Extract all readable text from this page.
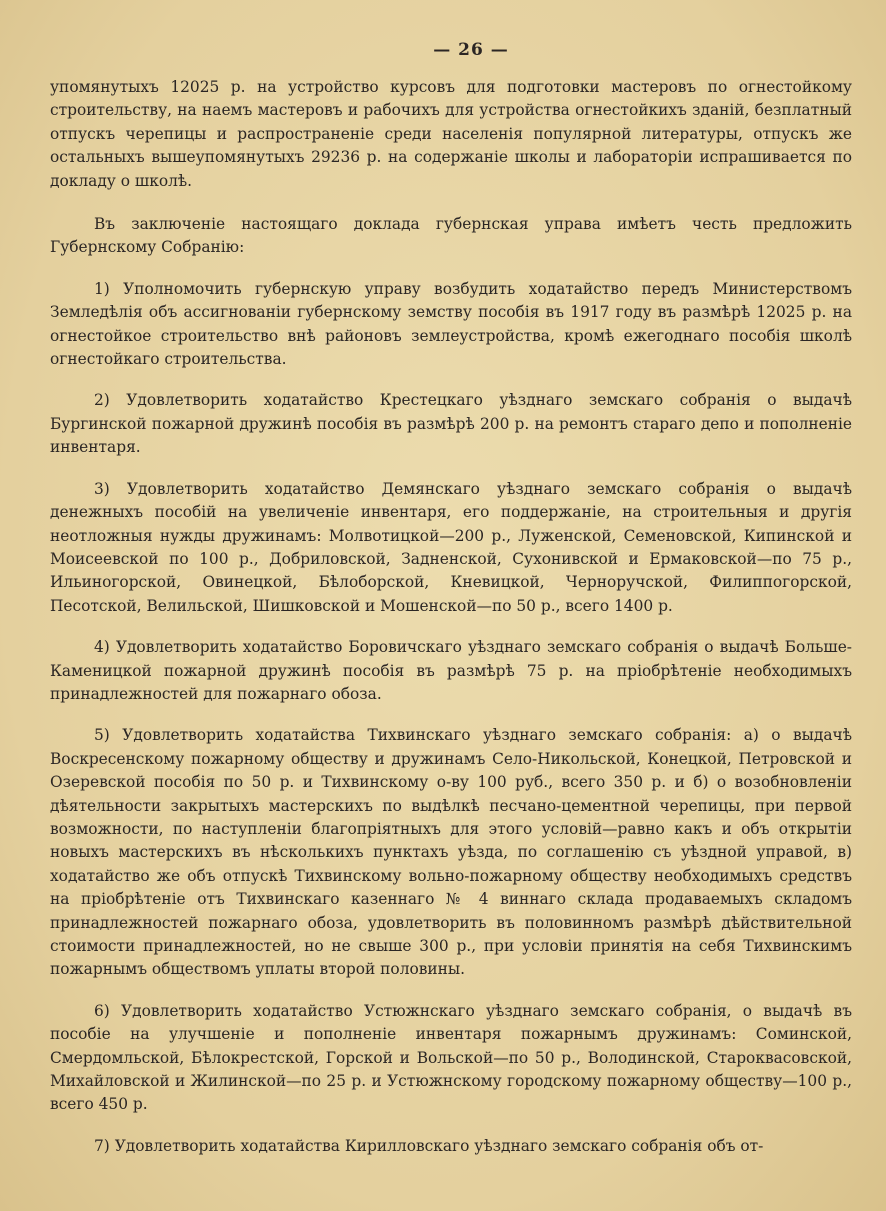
— 26 —

упомянутыхъ 12025 р. на устройство курсовъ для подготовки мастеровъ по огнестойкому строительству, на наемъ мастеровъ и рабочихъ для устройства огнестойкихъ зданій, безплатный отпускъ черепицы и распространеніе среди населенія популярной литературы, отпускъ же остальныхъ вышеупомянутыхъ 29236 р. на содержаніе школы и лабораторіи испрашивается по докладу о школѣ.

Въ заключеніе настоящаго доклада губернская управа имѣетъ честь предложить Губернскому Собранію:

1) Уполномочить губернскую управу возбудить ходатайство передъ Министерствомъ Земледѣлія объ ассигнованіи губернскому земству пособія въ 1917 году въ размѣрѣ 12025 р. на огнестойкое строительство внѣ районовъ землеустройства, кромѣ ежегоднаго пособія школѣ огнестойкаго строительства.

2) Удовлетворить ходатайство Крестецкаго уѣзднаго земскаго собранія о выдачѣ Бургинской пожарной дружинѣ пособія въ размѣрѣ 200 р. на ремонтъ стараго депо и пополненіе инвентаря.

3) Удовлетворить ходатайство Демянскаго уѣзднаго земскаго собранія о выдачѣ денежныхъ пособій на увеличеніе инвентаря, его поддержаніе, на строительныя и другія неотложныя нужды дружинамъ: Молвотицкой—200 р., Луженской, Семеновской, Кипинской и Моисеевской по 100 р., Добриловской, Задненской, Сухонивской и Ермаковской—по 75 р., Ильиногорской, Овинецкой, Бѣлоборской, Кневицкой, Черноручской, Филиппогорской, Песотской, Велильской, Шишковской и Мошенской—по 50 р., всего 1400 р.

4) Удовлетворить ходатайство Боровичскаго уѣзднаго земскаго собранія о выдачѣ Больше-Каменицкой пожарной дружинѣ пособія въ размѣрѣ 75 р. на пріобрѣтеніе необходимыхъ принадлежностей для пожарнаго обоза.

5) Удовлетворить ходатайства Тихвинскаго уѣзднаго земскаго собранія: а) о выдачѣ Воскресенскому пожарному обществу и дружинамъ Село-Никольской, Конецкой, Петровской и Озеревской пособія по 50 р. и Тихвинскому о-ву 100 руб., всего 350 р. и б) о возобновленіи дѣятельности закрытыхъ мастерскихъ по выдѣлкѣ песчано-цементной черепицы, при первой возможности, по наступленіи благопріятныхъ для этого условій—равно какъ и объ открытіи новыхъ мастерскихъ въ нѣсколькихъ пунктахъ уѣзда, по соглашенію съ уѣздной управой, в) ходатайство же объ отпускѣ Тихвинскому вольно-пожарному обществу необходимыхъ средствъ на пріобрѣтеніе отъ Тихвинскаго казеннаго № 4 виннаго склада продаваемыхъ складомъ принадлежностей пожарнаго обоза, удовлетворить въ половинномъ размѣрѣ дѣйствительной стоимости принадлежностей, но не свыше 300 р., при условіи принятія на себя Тихвинскимъ пожарнымъ обществомъ уплаты второй половины.

6) Удовлетворить ходатайство Устюжнскаго уѣзднаго земскаго собранія, о выдачѣ въ пособіе на улучшеніе и пополненіе инвентаря пожарнымъ дружинамъ: Соминской, Смердомльской, Бѣлокрестской, Горской и Вольской—по 50 р., Володинской, Староквасовской, Михайловской и Жилинской—по 25 р. и Устюжнскому городскому пожарному обществу—100 р., всего 450 р.

7) Удовлетворить ходатайства Кирилловскаго уѣзднаго земскаго собранія объ от-
